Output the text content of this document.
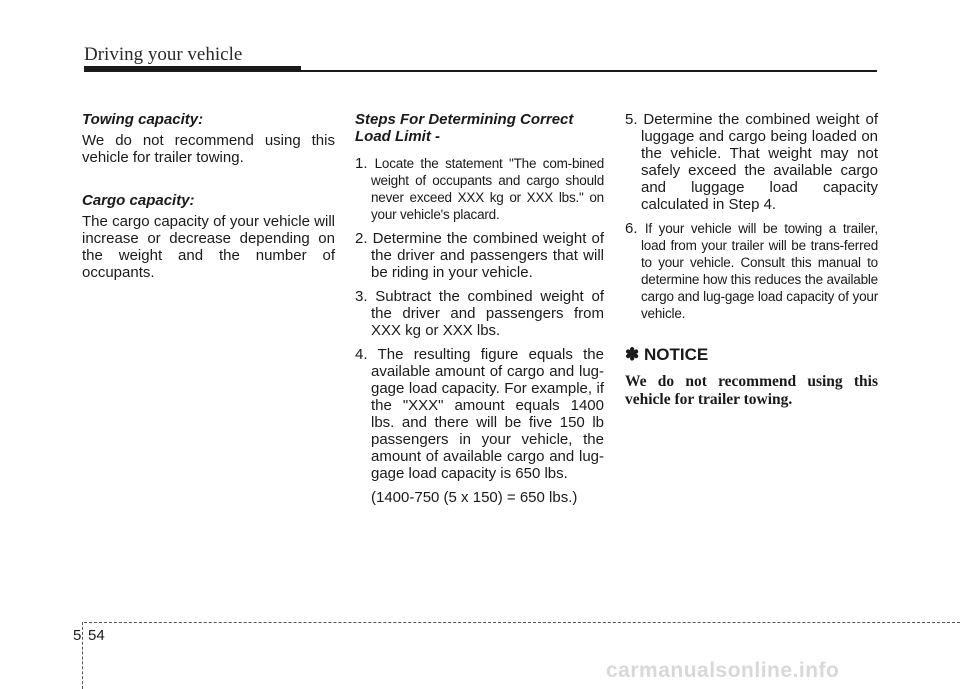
Driving your vehicle
Towing capacity:

We do not recommend using this vehicle for trailer towing.

Cargo capacity:

The cargo capacity of your vehicle will increase or decrease depending on the weight and the number of occupants.

Steps For Determining Correct Load Limit -

1. Locate the statement "The com-bined weight of occupants and cargo should never exceed XXX kg or XXX lbs." on your vehicle's placard.

2. Determine the combined weight of the driver and passengers that will be riding in your vehicle.

3. Subtract the combined weight of the driver and passengers from XXX kg or XXX lbs.

4. The resulting figure equals the available amount of cargo and lug-gage load capacity. For example, if the "XXX" amount equals 1400 lbs. and there will be five 150 lb passengers in your vehicle, the amount of available cargo and lug-gage load capacity is 650 lbs.

(1400-750 (5 x 150) = 650 lbs.)

5. Determine the combined weight of luggage and cargo being loaded on the vehicle. That weight may not safely exceed the available cargo and luggage load capacity calculated in Step 4.

6. If your vehicle will be towing a trailer, load from your trailer will be trans-ferred to your vehicle. Consult this manual to determine how this reduces the available cargo and lug-gage load capacity of your vehicle.

✽ NOTICE

We do not recommend using this vehicle for trailer towing.

5 54
carmanualsonline.info
